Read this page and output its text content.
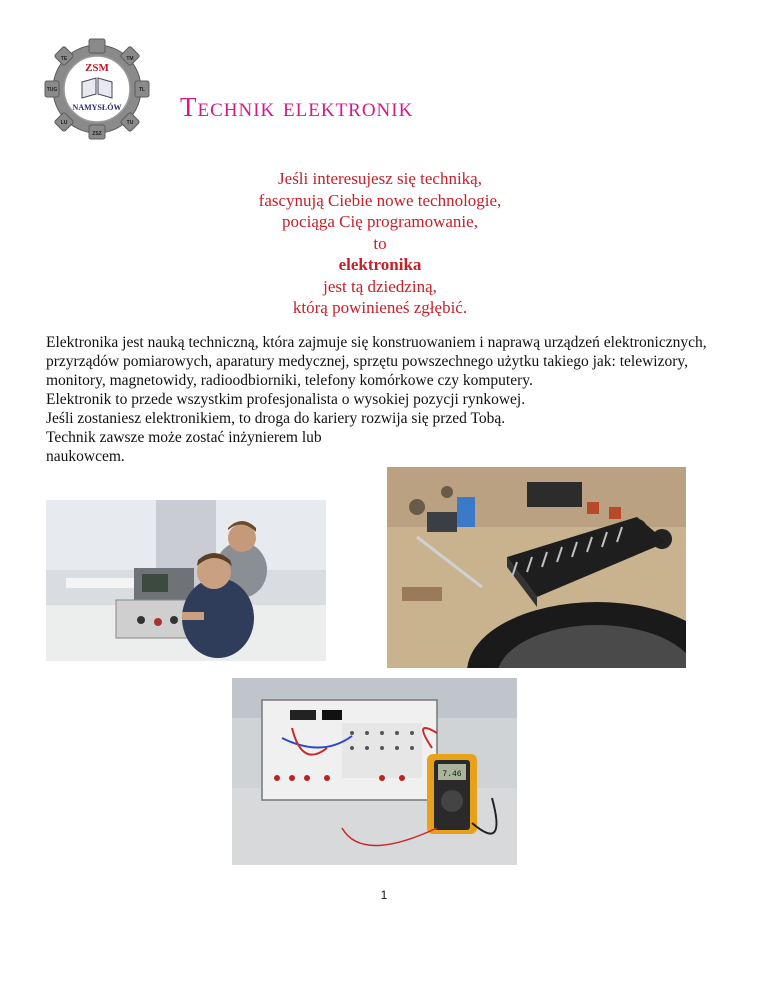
ZSM
NAMYSŁÓW
TE	TM
TUG	TL
LU
ZSZ
TU
Technik elektronik
Jeśli interesujesz się techniką,
fascynują Ciebie nowe technologie,
pociąga Cię programowanie,
to
elektronika
jest tą dziedziną,
którą powinieneś zgłębić.

Elektronika jest nauką techniczną, która zajmuje się konstruowaniem i naprawą urządzeń elektronicznych, przyrządów pomiarowych, aparatury medycznej, sprzętu powszechnego użytku takiego jak: telewizory, monitory, magnetowidy, radioodbiorniki, telefony komórkowe czy komputery.

Elektronik to przede wszystkim profesjonalista o wysokiej pozycji rynkowej.

Jeśli zostaniesz elektronikiem, to droga do kariery rozwija się przed Tobą.

Technik zawsze może zostać inżynierem lub

naukowcem.

7.46
1
